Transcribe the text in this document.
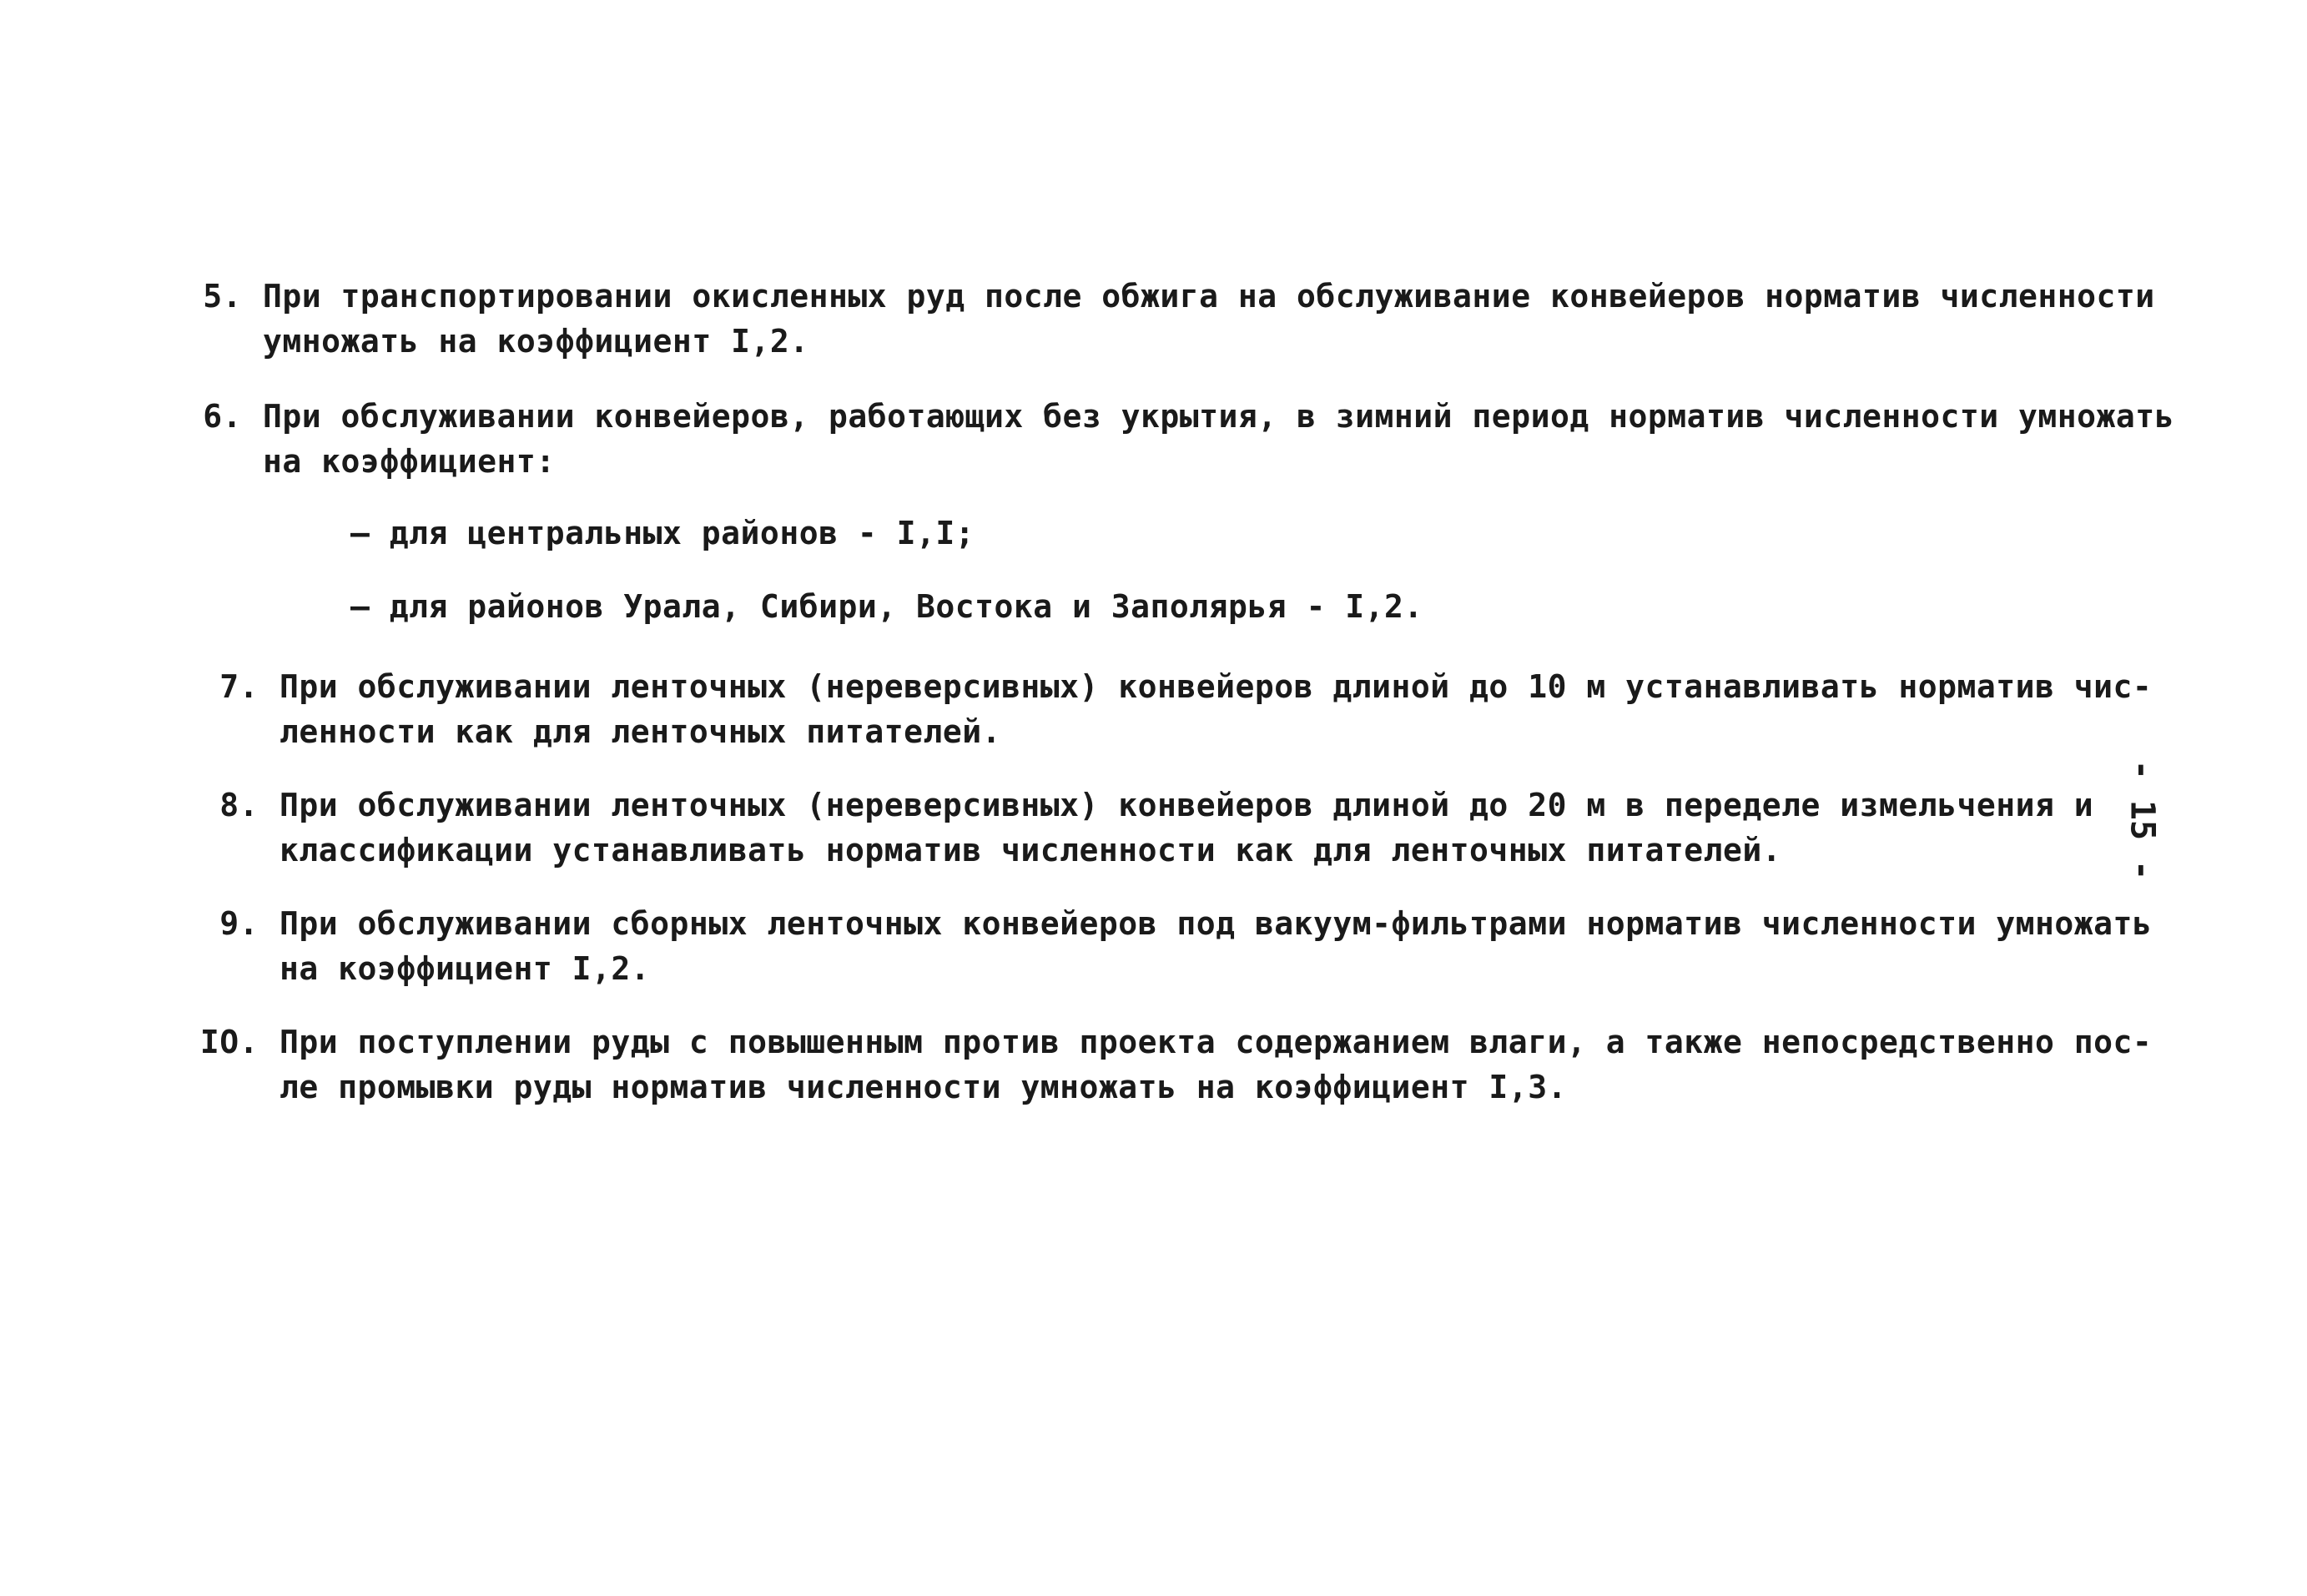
5. При транспортировании окисленных руд после обжига на обслуживание конвейеров норматив численности
умножать на коэффициент I,2.
6. При обслуживании конвейеров, работающих без укрытия, в зимний период норматив численности умножать
на коэффициент:
– для центральных районов - I,I;
– для районов Урала, Сибири, Востока и Заполярья - I,2.
7. При обслуживании ленточных (нереверсивных) конвейеров длиной до 10 м устанавливать норматив чис-
ленности как для ленточных питателей.
8. При обслуживании ленточных (нереверсивных) конвейеров длиной до 20 м в переделе измельчения и
классификации устанавливать норматив численности как для ленточных питателей.
9. При обслуживании сборных ленточных конвейеров под вакуум-фильтрами норматив численности умножать
на коэффициент I,2.
IO. При поступлении руды с повышенным против проекта содержанием влаги, а также непосредственно пос-
ле промывки руды норматив численности умножать на коэффициент I,3.
- 15 -
